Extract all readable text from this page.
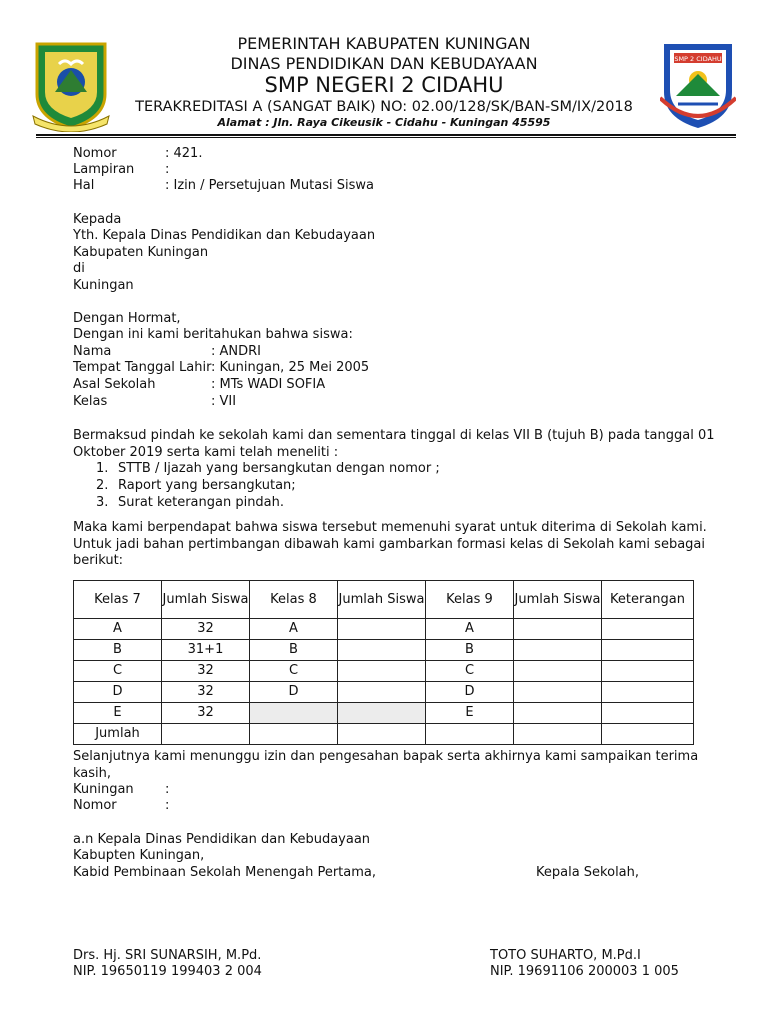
SMP 2 CIDAHU
PEMERINTAH KABUPATEN KUNINGAN
DINAS PENDIDIKAN DAN KEBUDAYAAN
SMP NEGERI 2 CIDAHU
TERAKREDITASI A (SANGAT BAIK) NO: 02.00/128/SK/BAN-SM/IX/2018
Alamat : Jln. Raya Cikeusik - Cidahu - Kuningan 45595
Nomor	: 421.
Lampiran :
Hal	: Izin / Persetujuan Mutasi Siswa
Kepada
Yth. Kepala Dinas Pendidikan dan Kebudayaan
Kabupaten Kuningan
di
Kuningan
Dengan Hormat,
Dengan ini kami beritahukan bahwa siswa:
Nama	: ANDRI
Tempat Tanggal Lahir : Kuningan, 25 Mei 2005
Asal Sekolah	: MTs WADI SOFIA
Kelas	: VII
Bermaksud pindah ke sekolah kami dan sementara tinggal di kelas VII B (tujuh B) pada tanggal 01 Oktober 2019 serta kami telah meneliti :
1. STTB / Ijazah yang bersangkutan dengan nomor ;
2. Raport yang bersangkutan;
3. Surat keterangan pindah.
Maka kami berpendapat bahwa siswa tersebut memenuhi syarat untuk diterima di Sekolah kami. Untuk jadi bahan pertimbangan dibawah kami gambarkan formasi kelas di Sekolah kami sebagai berikut:
Kelas 7	Jumlah Siswa	Kelas 8	Jumlah Siswa	Kelas 9	Jumlah Siswa	Keterangan
A	32	A		A		
B	31+1	B		B		
C	32	C		C		
D	32	D		D		
E	32			E		
Jumlah						
Selanjutnya kami menunggu izin dan pengesahan bapak serta akhirnya kami sampaikan terima kasih,
Kuningan :
Nomor	:
a.n Kepala Dinas Pendidikan dan Kebudayaan
Kabupten Kuningan,
Kabid Pembinaan Sekolah Menengah Pertama,	Kepala Sekolah,
Drs. Hj. SRI SUNARSIH, M.Pd.
NIP. 19650119 199403 2 004
TOTO SUHARTO, M.Pd.I
NIP. 19691106 200003 1 005
